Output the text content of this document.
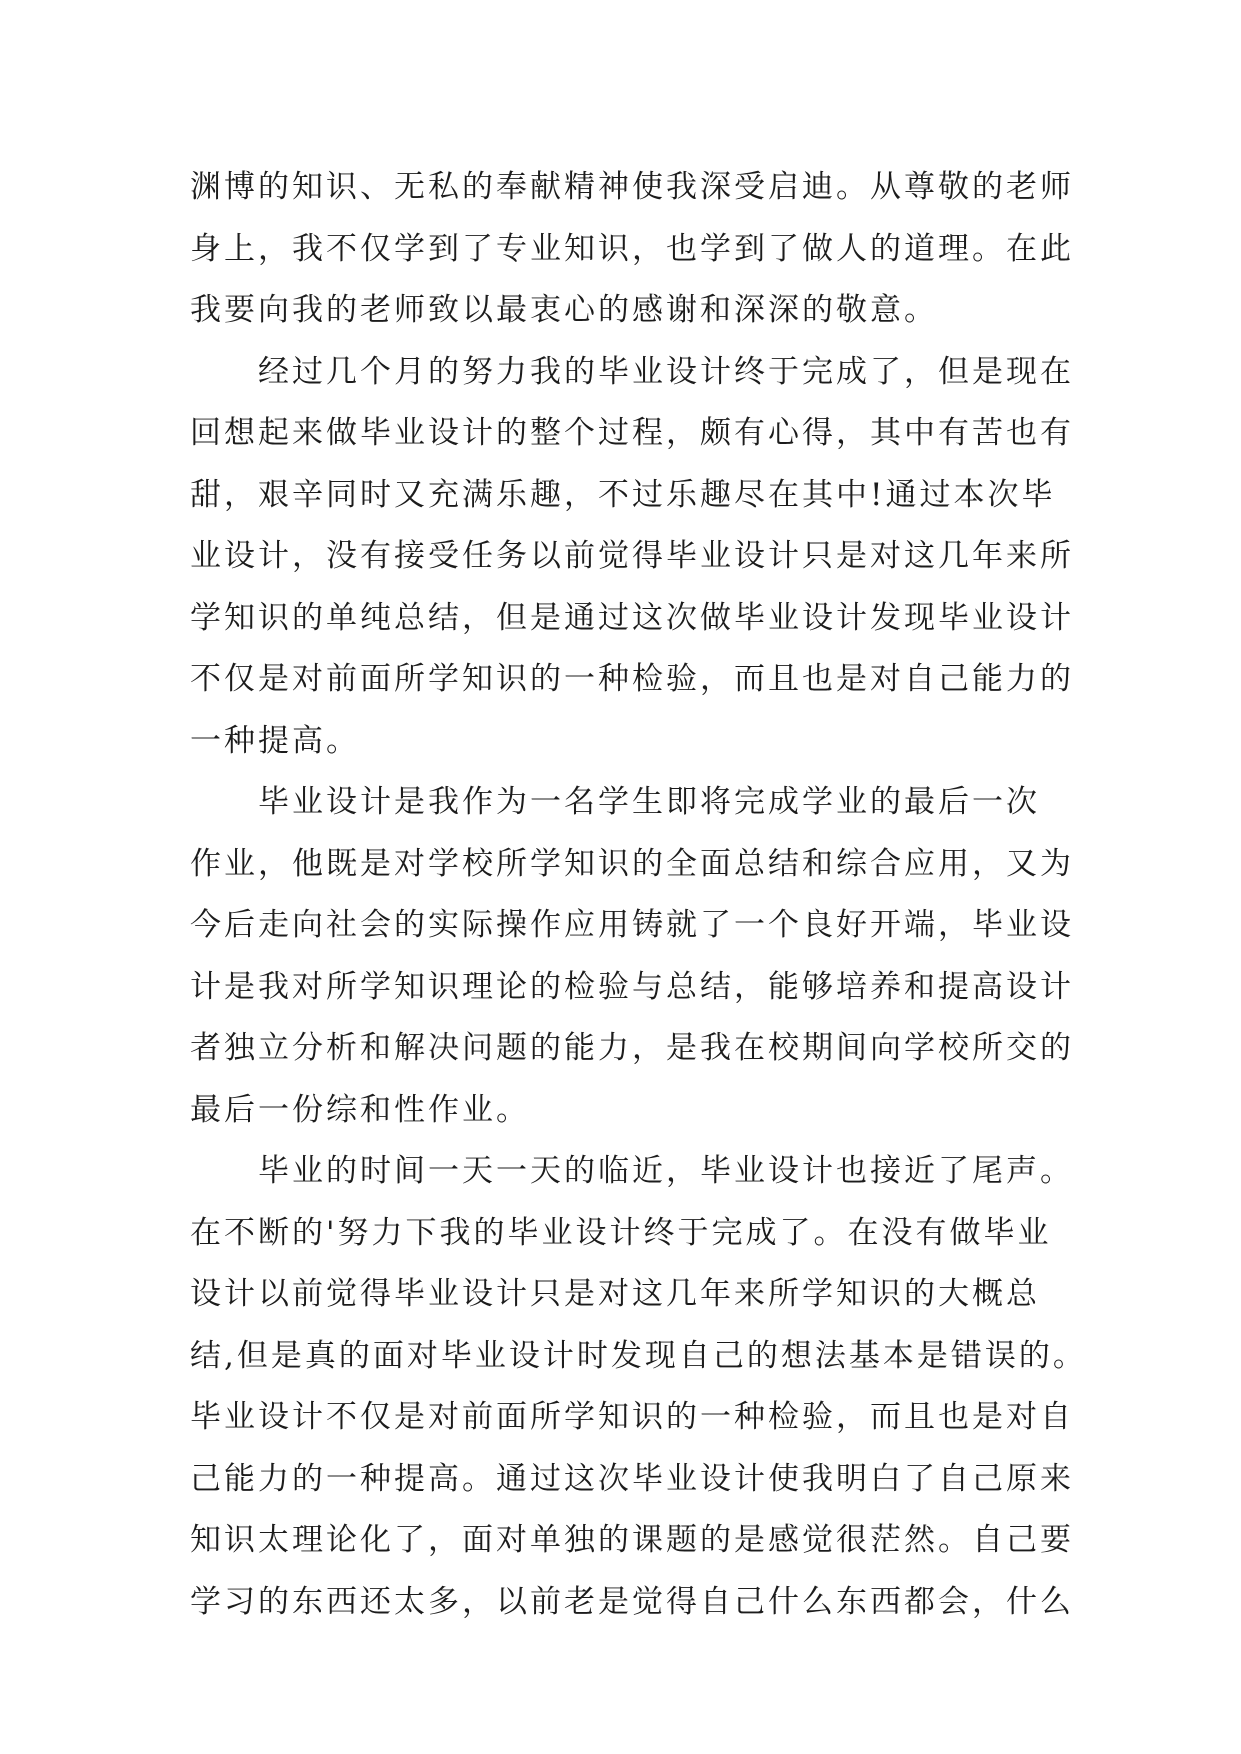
渊博的知识、无私的奉献精神使我深受启迪。从尊敬的老师
身上，我不仅学到了专业知识，也学到了做人的道理。在此
我要向我的老师致以最衷心的感谢和深深的敬意。
经过几个月的努力我的毕业设计终于完成了，但是现在
回想起来做毕业设计的整个过程，颇有心得，其中有苦也有
甜，艰辛同时又充满乐趣，不过乐趣尽在其中!通过本次毕
业设计，没有接受任务以前觉得毕业设计只是对这几年来所
学知识的单纯总结，但是通过这次做毕业设计发现毕业设计
不仅是对前面所学知识的一种检验，而且也是对自己能力的
一种提高。
毕业设计是我作为一名学生即将完成学业的最后一次
作业，他既是对学校所学知识的全面总结和综合应用，又为
今后走向社会的实际操作应用铸就了一个良好开端，毕业设
计是我对所学知识理论的检验与总结，能够培养和提高设计
者独立分析和解决问题的能力，是我在校期间向学校所交的
最后一份综和性作业。
毕业的时间一天一天的临近，毕业设计也接近了尾声。
在不断的'努力下我的毕业设计终于完成了。在没有做毕业
设计以前觉得毕业设计只是对这几年来所学知识的大概总
结,但是真的面对毕业设计时发现自己的想法基本是错误的。
毕业设计不仅是对前面所学知识的一种检验，而且也是对自
己能力的一种提高。通过这次毕业设计使我明白了自己原来
知识太理论化了，面对单独的课题的是感觉很茫然。自己要
学习的东西还太多，以前老是觉得自己什么东西都会，什么
